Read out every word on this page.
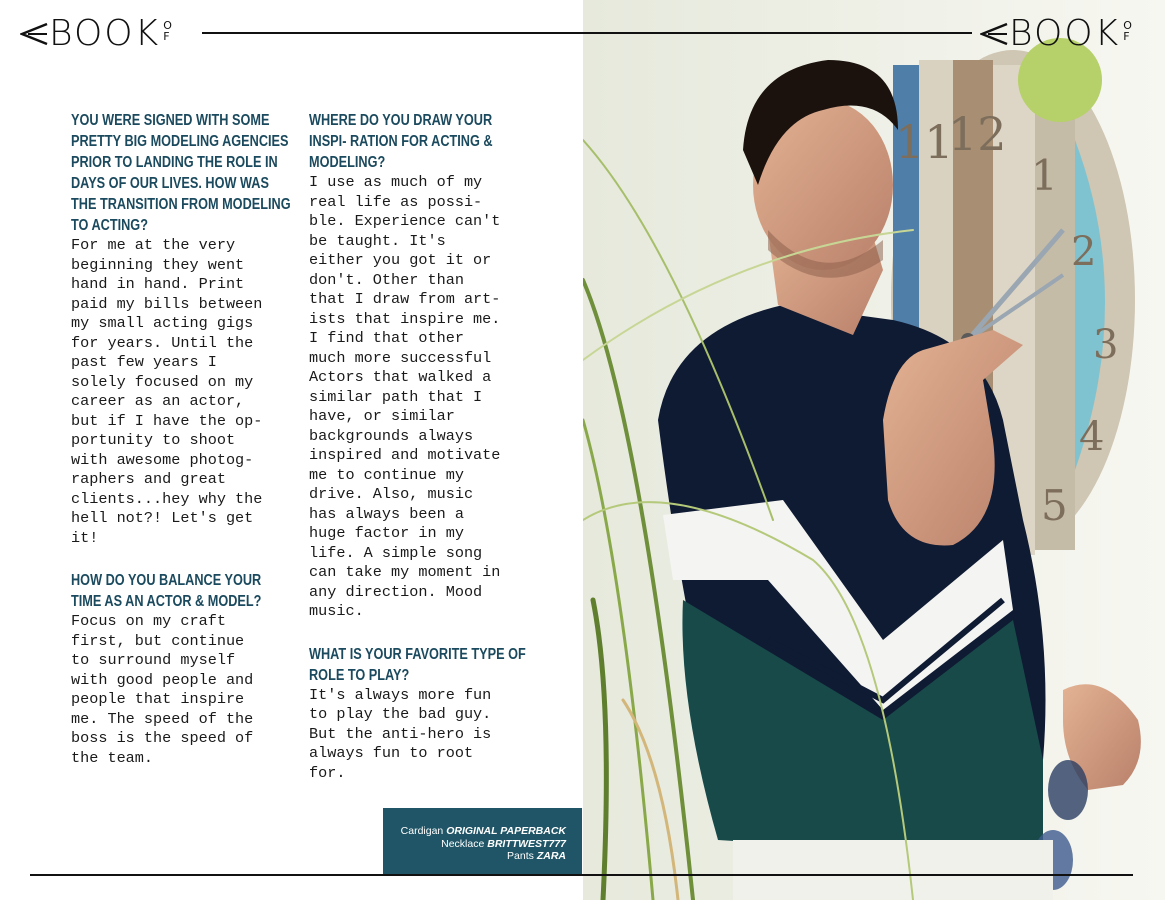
11
12
1
2
3
4
5
BOOK O
F	BOOK O
F
YOU WERE SIGNED WITH SOME PRETTY BIG MODELING AGENCIES PRIOR TO LANDING THE ROLE IN DAYS OF OUR LIVES. HOW WAS THE TRANSITION FROM MODELING TO ACTING?

For me at the very
beginning they went
hand in hand. Print
paid my bills between
my small acting gigs
for years. Until the
past few years I
solely focused on my
career as an actor,
but if I have the op-
portunity to shoot
with awesome photog-
raphers and great
clients...hey why the
hell not?! Let's get
it!

HOW DO YOU BALANCE YOUR TIME AS AN ACTOR & MODEL?

Focus on my craft
first, but continue
to surround myself
with good people and
people that inspire
me. The speed of the
boss is the speed of
the team.

WHERE DO YOU DRAW YOUR INSPI- RATION FOR ACTING & MODELING?

I use as much of my
real life as possi-
ble. Experience can't
be taught. It's
either you got it or
don't. Other than
that I draw from art-
ists that inspire me.
I find that other
much more successful
Actors that walked a
similar path that I
have, or similar
backgrounds always
inspired and motivate
me to continue my
drive. Also, music
has always been a
huge factor in my
life. A simple song
can take my moment in
any direction. Mood
music.

WHAT IS YOUR FAVORITE TYPE OF ROLE TO PLAY?

It's always more fun
to play the bad guy.
But the anti-hero is
always fun to root
for.

Cardigan ORIGINAL PAPERBACK
Necklace BRITTWEST777
Pants ZARA
